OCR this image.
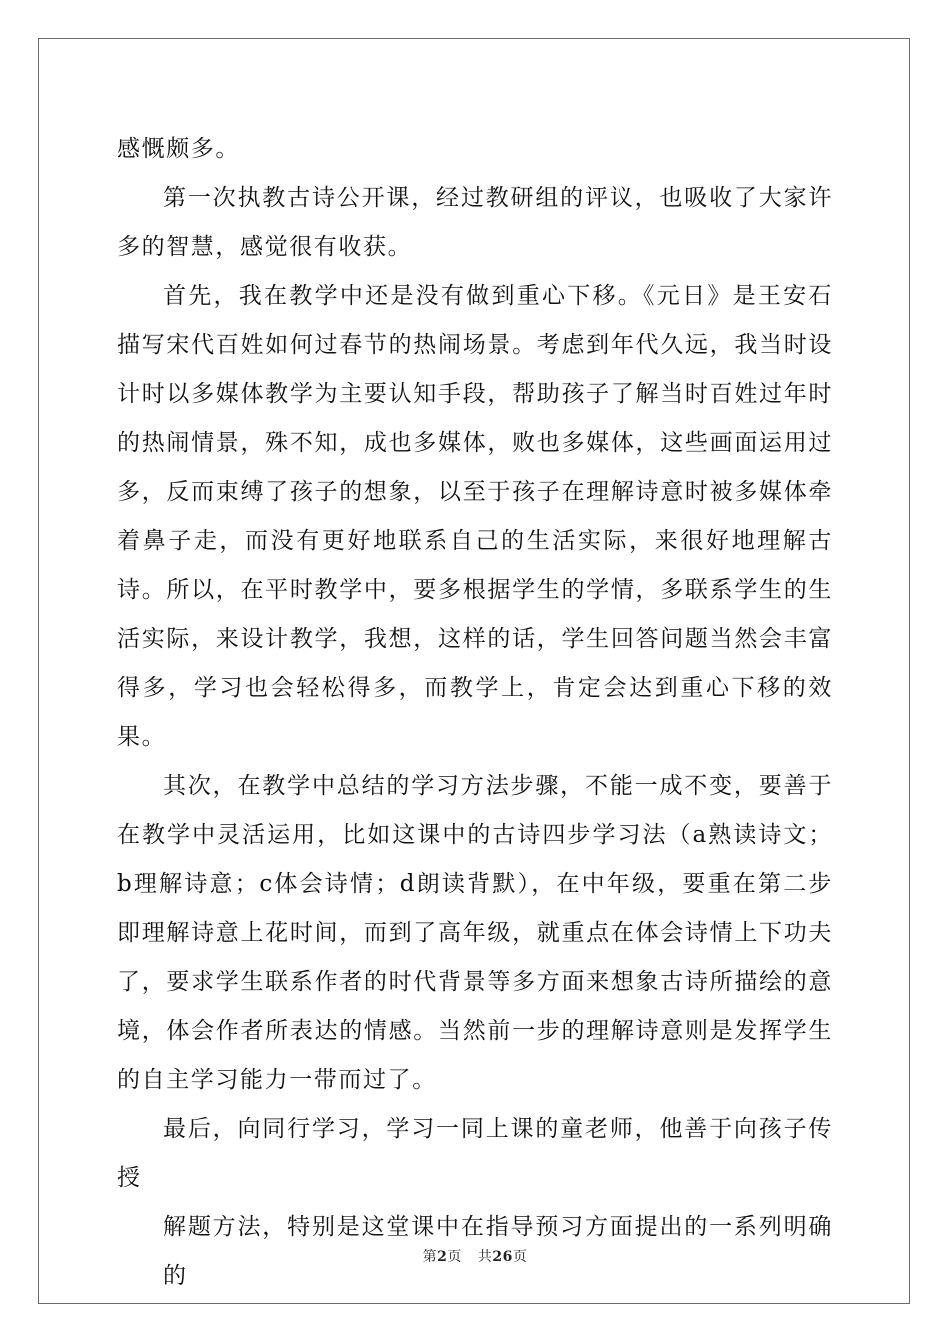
感慨颇多。

第一次执教古诗公开课，经过教研组的评议，也吸收了大家许多的智慧，感觉很有收获。

首先，我在教学中还是没有做到重心下移。《元日》是王安石描写宋代百姓如何过春节的热闹场景。考虑到年代久远，我当时设计时以多媒体教学为主要认知手段，帮助孩子了解当时百姓过年时的热闹情景，殊不知，成也多媒体，败也多媒体，这些画面运用过多，反而束缚了孩子的想象，以至于孩子在理解诗意时被多媒体牵着鼻子走，而没有更好地联系自己的生活实际，来很好地理解古诗。所以，在平时教学中，要多根据学生的学情，多联系学生的生活实际，来设计教学，我想，这样的话，学生回答问题当然会丰富得多，学习也会轻松得多，而教学上，肯定会达到重心下移的效果。

其次，在教学中总结的学习方法步骤，不能一成不变，要善于在教学中灵活运用，比如这课中的古诗四步学习法（a熟读诗文；b理解诗意；c体会诗情；d朗读背默），在中年级，要重在第二步即理解诗意上花时间，而到了高年级，就重点在体会诗情上下功夫了，要求学生联系作者的时代背景等多方面来想象古诗所描绘的意境，体会作者所表达的情感。当然前一步的理解诗意则是发挥学生的自主学习能力一带而过了。

最后，向同行学习，学习一同上课的童老师，他善于向孩子传授

解题方法，特别是这堂课中在指导预习方面提出的一系列明确的

第2页 共26页
